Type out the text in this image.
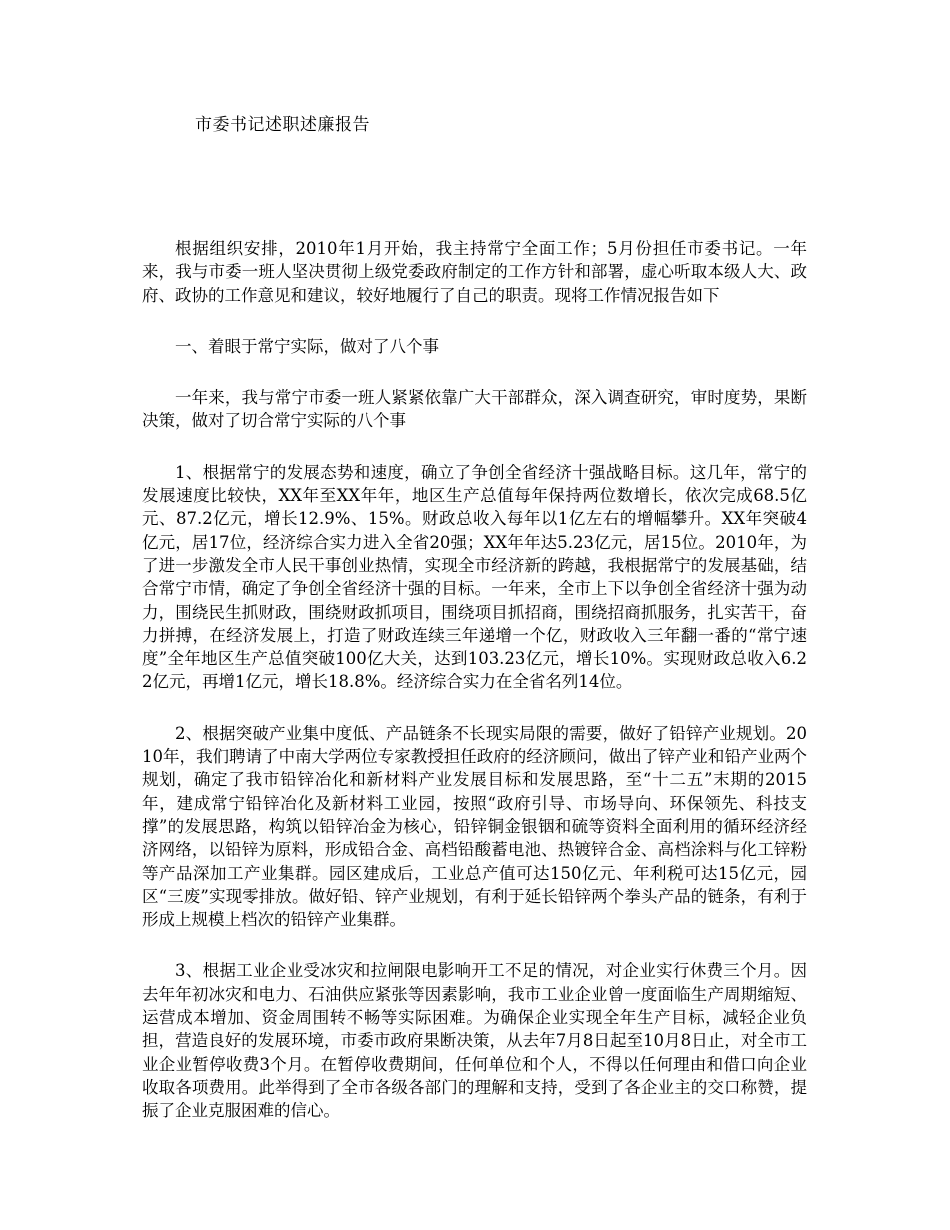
市委书记述职述廉报告

根据组织安排，2010年1月开始，我主持常宁全面工作；5月份担任市委书记。一年来，我与市委一班人坚决贯彻上级党委政府制定的工作方针和部署，虚心听取本级人大、政府、政协的工作意见和建议，较好地履行了自己的职责。现将工作情况报告如下

一、着眼于常宁实际，做对了八个事

一年来，我与常宁市委一班人紧紧依靠广大干部群众，深入调查研究，审时度势，果断决策，做对了切合常宁实际的八个事

1、根据常宁的发展态势和速度，确立了争创全省经济十强战略目标。这几年，常宁的发展速度比较快，XX年至XX年年，地区生产总值每年保持两位数增长，依次完成68.5亿元、87.2亿元，增长12.9%、15%。财政总收入每年以1亿左右的增幅攀升。XX年突破4亿元，居17位，经济综合实力进入全省20强；XX年年达5.23亿元，居15位。2010年，为了进一步激发全市人民干事创业热情，实现全市经济新的跨越，我根据常宁的发展基础，结合常宁市情，确定了争创全省经济十强的目标。一年来，全市上下以争创全省经济十强为动力，围绕民生抓财政，围绕财政抓项目，围绕项目抓招商，围绕招商抓服务，扎实苦干，奋力拼搏，在经济发展上，打造了财政连续三年递增一个亿，财政收入三年翻一番的“常宁速度”全年地区生产总值突破100亿大关，达到103.23亿元，增长10%。实现财政总收入6.22亿元，再增1亿元，增长18.8%。经济综合实力在全省名列14位。

2、根据突破产业集中度低、产品链条不长现实局限的需要，做好了铅锌产业规划。2010年，我们聘请了中南大学两位专家教授担任政府的经济顾问，做出了锌产业和铅产业两个规划，确定了我市铅锌冶化和新材料产业发展目标和发展思路，至“十二五”末期的2015年，建成常宁铅锌冶化及新材料工业园，按照“政府引导、市场导向、环保领先、科技支撑”的发展思路，构筑以铅锌冶金为核心，铅锌铜金银铟和硫等资料全面利用的循环经济经济网络，以铅锌为原料，形成铅合金、高档铅酸蓄电池、热镀锌合金、高档涂料与化工锌粉等产品深加工产业集群。园区建成后，工业总产值可达150亿元、年利税可达15亿元，园区“三废”实现零排放。做好铅、锌产业规划，有利于延长铅锌两个拳头产品的链条，有利于形成上规模上档次的铅锌产业集群。

3、根据工业企业受冰灾和拉闸限电影响开工不足的情况，对企业实行休费三个月。因去年年初冰灾和电力、石油供应紧张等因素影响，我市工业企业曾一度面临生产周期缩短、运营成本增加、资金周围转不畅等实际困难。为确保企业实现全年生产目标，减轻企业负担，营造良好的发展环境，市委市政府果断决策，从去年7月8日起至10月8日止，对全市工业企业暂停收费3个月。在暂停收费期间，任何单位和个人，不得以任何理由和借口向企业收取各项费用。此举得到了全市各级各部门的理解和支持，受到了各企业主的交口称赞，提振了企业克服困难的信心。
